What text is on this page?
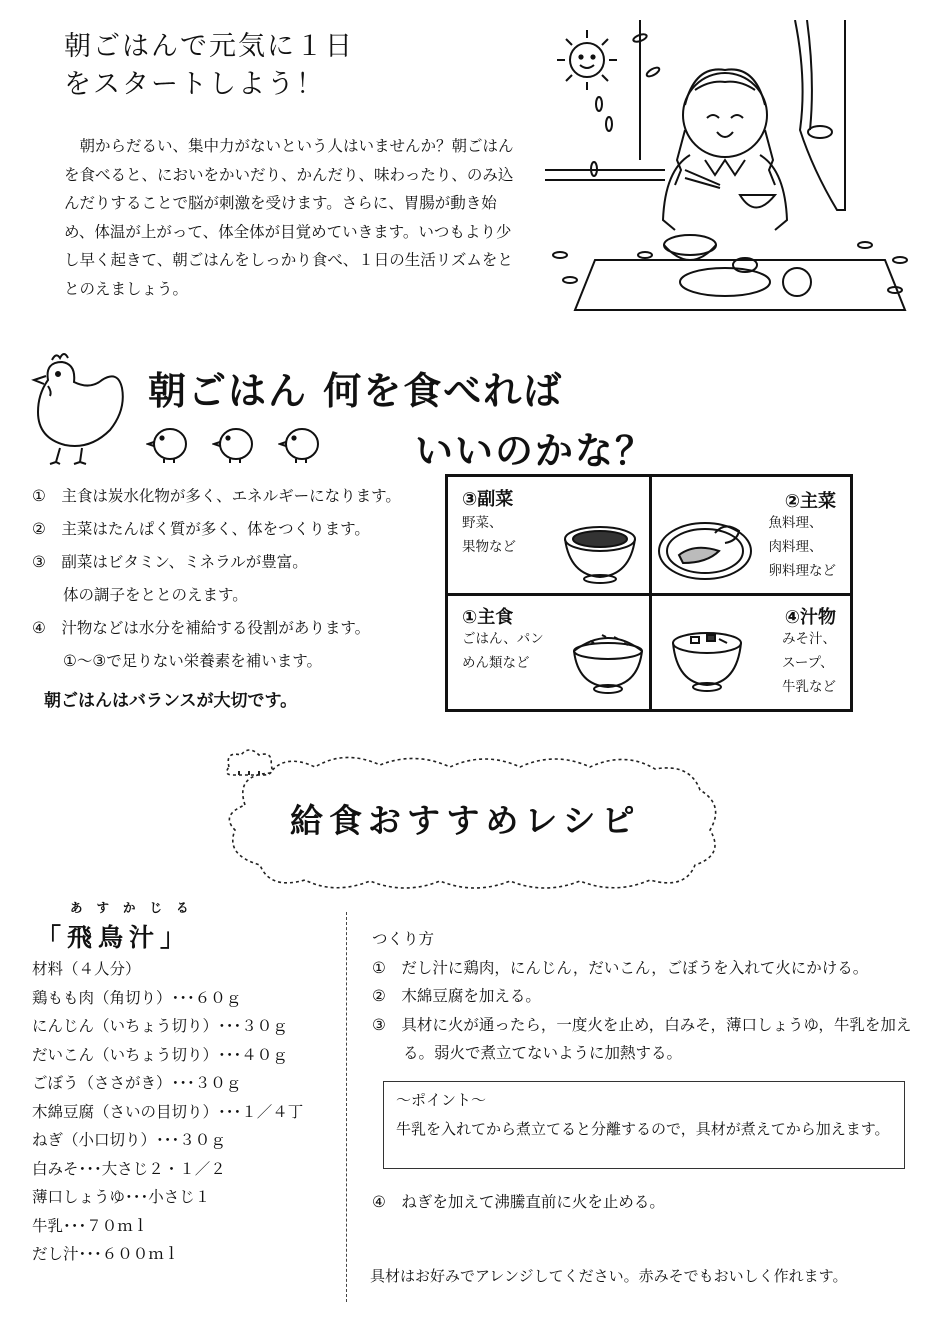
朝ごはんで元気に１日
をスタートしよう！
朝からだるい、集中力がないという人はいませんか？朝ごはんを食べると、においをかいだり、かんだり、味わったり、のみ込んだりすることで脳が刺激を受けます。さらに、胃腸が動き始め、体温が上がって、体全体が目覚めていきます。いつもより少し早く起きて、朝ごはんをしっかり食べ、１日の生活リズムをととのえましょう。
朝ごはん 何を食べれば
いいのかな？
①　主食は炭水化物が多く、エネルギーになります。
②　主菜はたんぱく質が多く、体をつくります。
③　副菜はビタミン、ミネラルが豊富。
　　体の調子をととのえます。
④　汁物などは水分を補給する役割があります。
　　①～③で足りない栄養素を補います。
朝ごはんはバランスが大切です。
③副菜
野菜、
果物など
②主菜
魚料理、
肉料理、
卵料理など
①主食
ごはん、パン
めん類など
④汁物
みそ汁、
スープ、
牛乳など
給食おすすめレシピ
あすかじる
「飛鳥汁」
材料（４人分）
鶏もも肉（角切り）･･･６０ｇ
にんじん（いちょう切り）･･･３０ｇ
だいこん（いちょう切り）･･･４０ｇ
ごぼう（ささがき）･･･３０ｇ
木綿豆腐（さいの目切り）･･･１／４丁
ねぎ（小口切り）･･･３０ｇ
白みそ･･･大さじ２・１／２
薄口しょうゆ･･･小さじ１
牛乳･･･７０ｍｌ
だし汁･･･６００ｍｌ
つくり方
①　だし汁に鶏肉，にんじん，だいこん，ごぼうを入れて火にかける。
②　木綿豆腐を加える。
③　具材に火が通ったら，一度火を止め，白みそ，薄口しょうゆ，牛乳を加える。弱火で煮立てないように加熱する。
～ポイント～
牛乳を入れてから煮立てると分離するので，具材が煮えてから加えます。
④　ねぎを加えて沸騰直前に火を止める。
具材はお好みでアレンジしてください。赤みそでもおいしく作れます。
